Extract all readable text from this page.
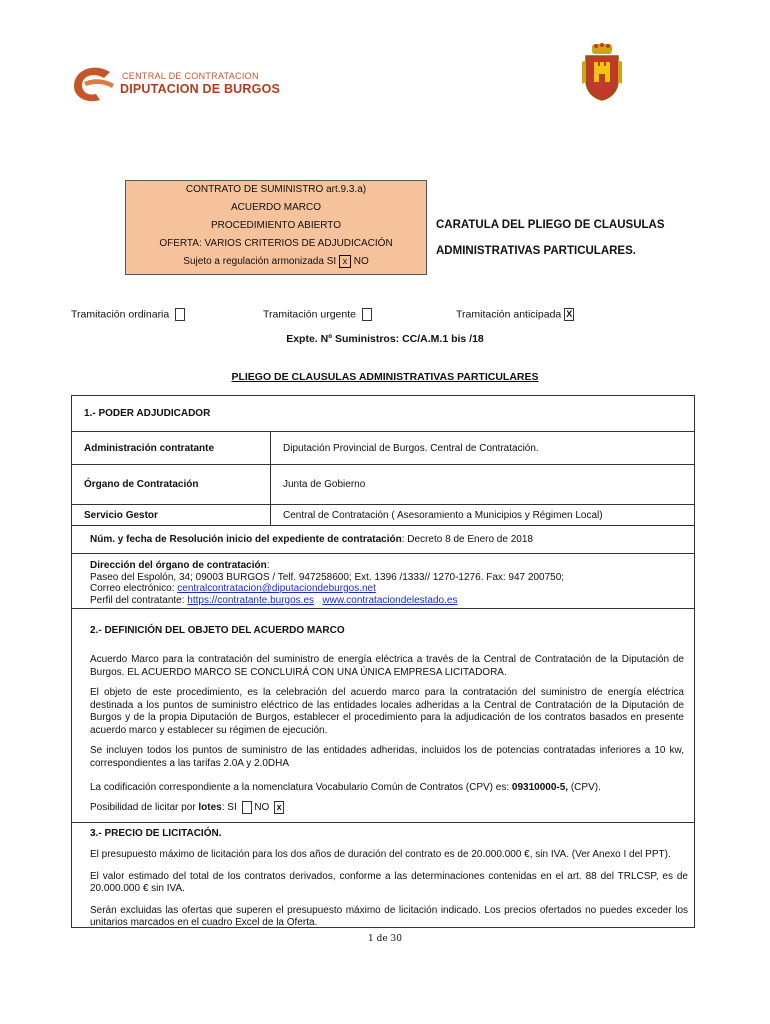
CENTRAL DE CONTRATACION
DIPUTACION DE BURGOS
CONTRATO DE SUMINISTRO art.9.3.a)
ACUERDO MARCO
PROCEDIMIENTO ABIERTO
OFERTA: VARIOS CRITERIOS DE ADJUDICACIÓN
Sujeto a regulación armonizada SI x NO
CARATULA DEL PLIEGO DE CLAUSULAS
ADMINISTRATIVAS PARTICULARES.
Tramitación ordinaria	Tramitación urgente	Tramitación anticipada X
Expte. Nº Suministros: CC/A.M.1 bis /18
PLIEGO DE CLAUSULAS ADMINISTRATIVAS PARTICULARES
1.- PODER ADJUDICADOR
Administración contratante	Diputación Provincial de Burgos. Central de Contratación.
Órgano de Contratación	Junta de Gobierno
Servicio Gestor	Central de Contratación ( Asesoramiento a Municipios y Régimen Local)
Núm. y fecha de Resolución inicio del expediente de contratación : Decreto 8 de Enero de 2018
Dirección del órgano de contratación:
Paseo del Espolón, 34; 09003 BURGOS / Telf. 947258600; Ext. 1396 /1333// 1270-1276. Fax: 947 200750;
Correo electrónico: centralcontratacion@diputaciondeburgos.net
Perfil del contratante: https://contratante.burgos.es www.contrataciondelestado.es
2.- DEFINICIÓN DEL OBJETO DEL ACUERDO MARCO
Acuerdo Marco para la contratación del suministro de energía eléctrica a través de la Central de Contratación de la Diputación de Burgos. EL ACUERDO MARCO SE CONCLUIRÁ CON UNA ÚNICA EMPRESA LICITADORA.
El objeto de este procedimiento, es la celebración del acuerdo marco para la contratación del suministro de energía eléctrica destinada a los puntos de suministro eléctrico de las entidades locales adheridas a la Central de Contratación de la Diputación de Burgos y de la propia Diputación de Burgos, establecer el procedimiento para la adjudicación de los contratos basados en presente acuerdo marco y establecer su régimen de ejecución.
Se incluyen todos los puntos de suministro de las entidades adheridas, incluidos los de potencias contratadas inferiores a 10 kw, correspondientes a las tarifas 2.0A y 2.0DHA
La codificación correspondiente a la nomenclatura Vocabulario Común de Contratos (CPV) es: 09310000-5, (CPV).
Posibilidad de licitar por lotes: SI NO x
3.- PRECIO DE LICITACIÓN.
El presupuesto máximo de licitación para los dos años de duración del contrato es de 20.000.000 €, sin IVA. (Ver Anexo I del PPT).
El valor estimado del total de los contratos derivados, conforme a las determinaciones contenidas en el art. 88 del TRLCSP, es de 20.000.000 € sin IVA.
Serán excluidas las ofertas que superen el presupuesto máximo de licitación indicado. Los precios ofertados no puedes exceder los unitarios marcados en el cuadro Excel de la Oferta.
1 de 30
